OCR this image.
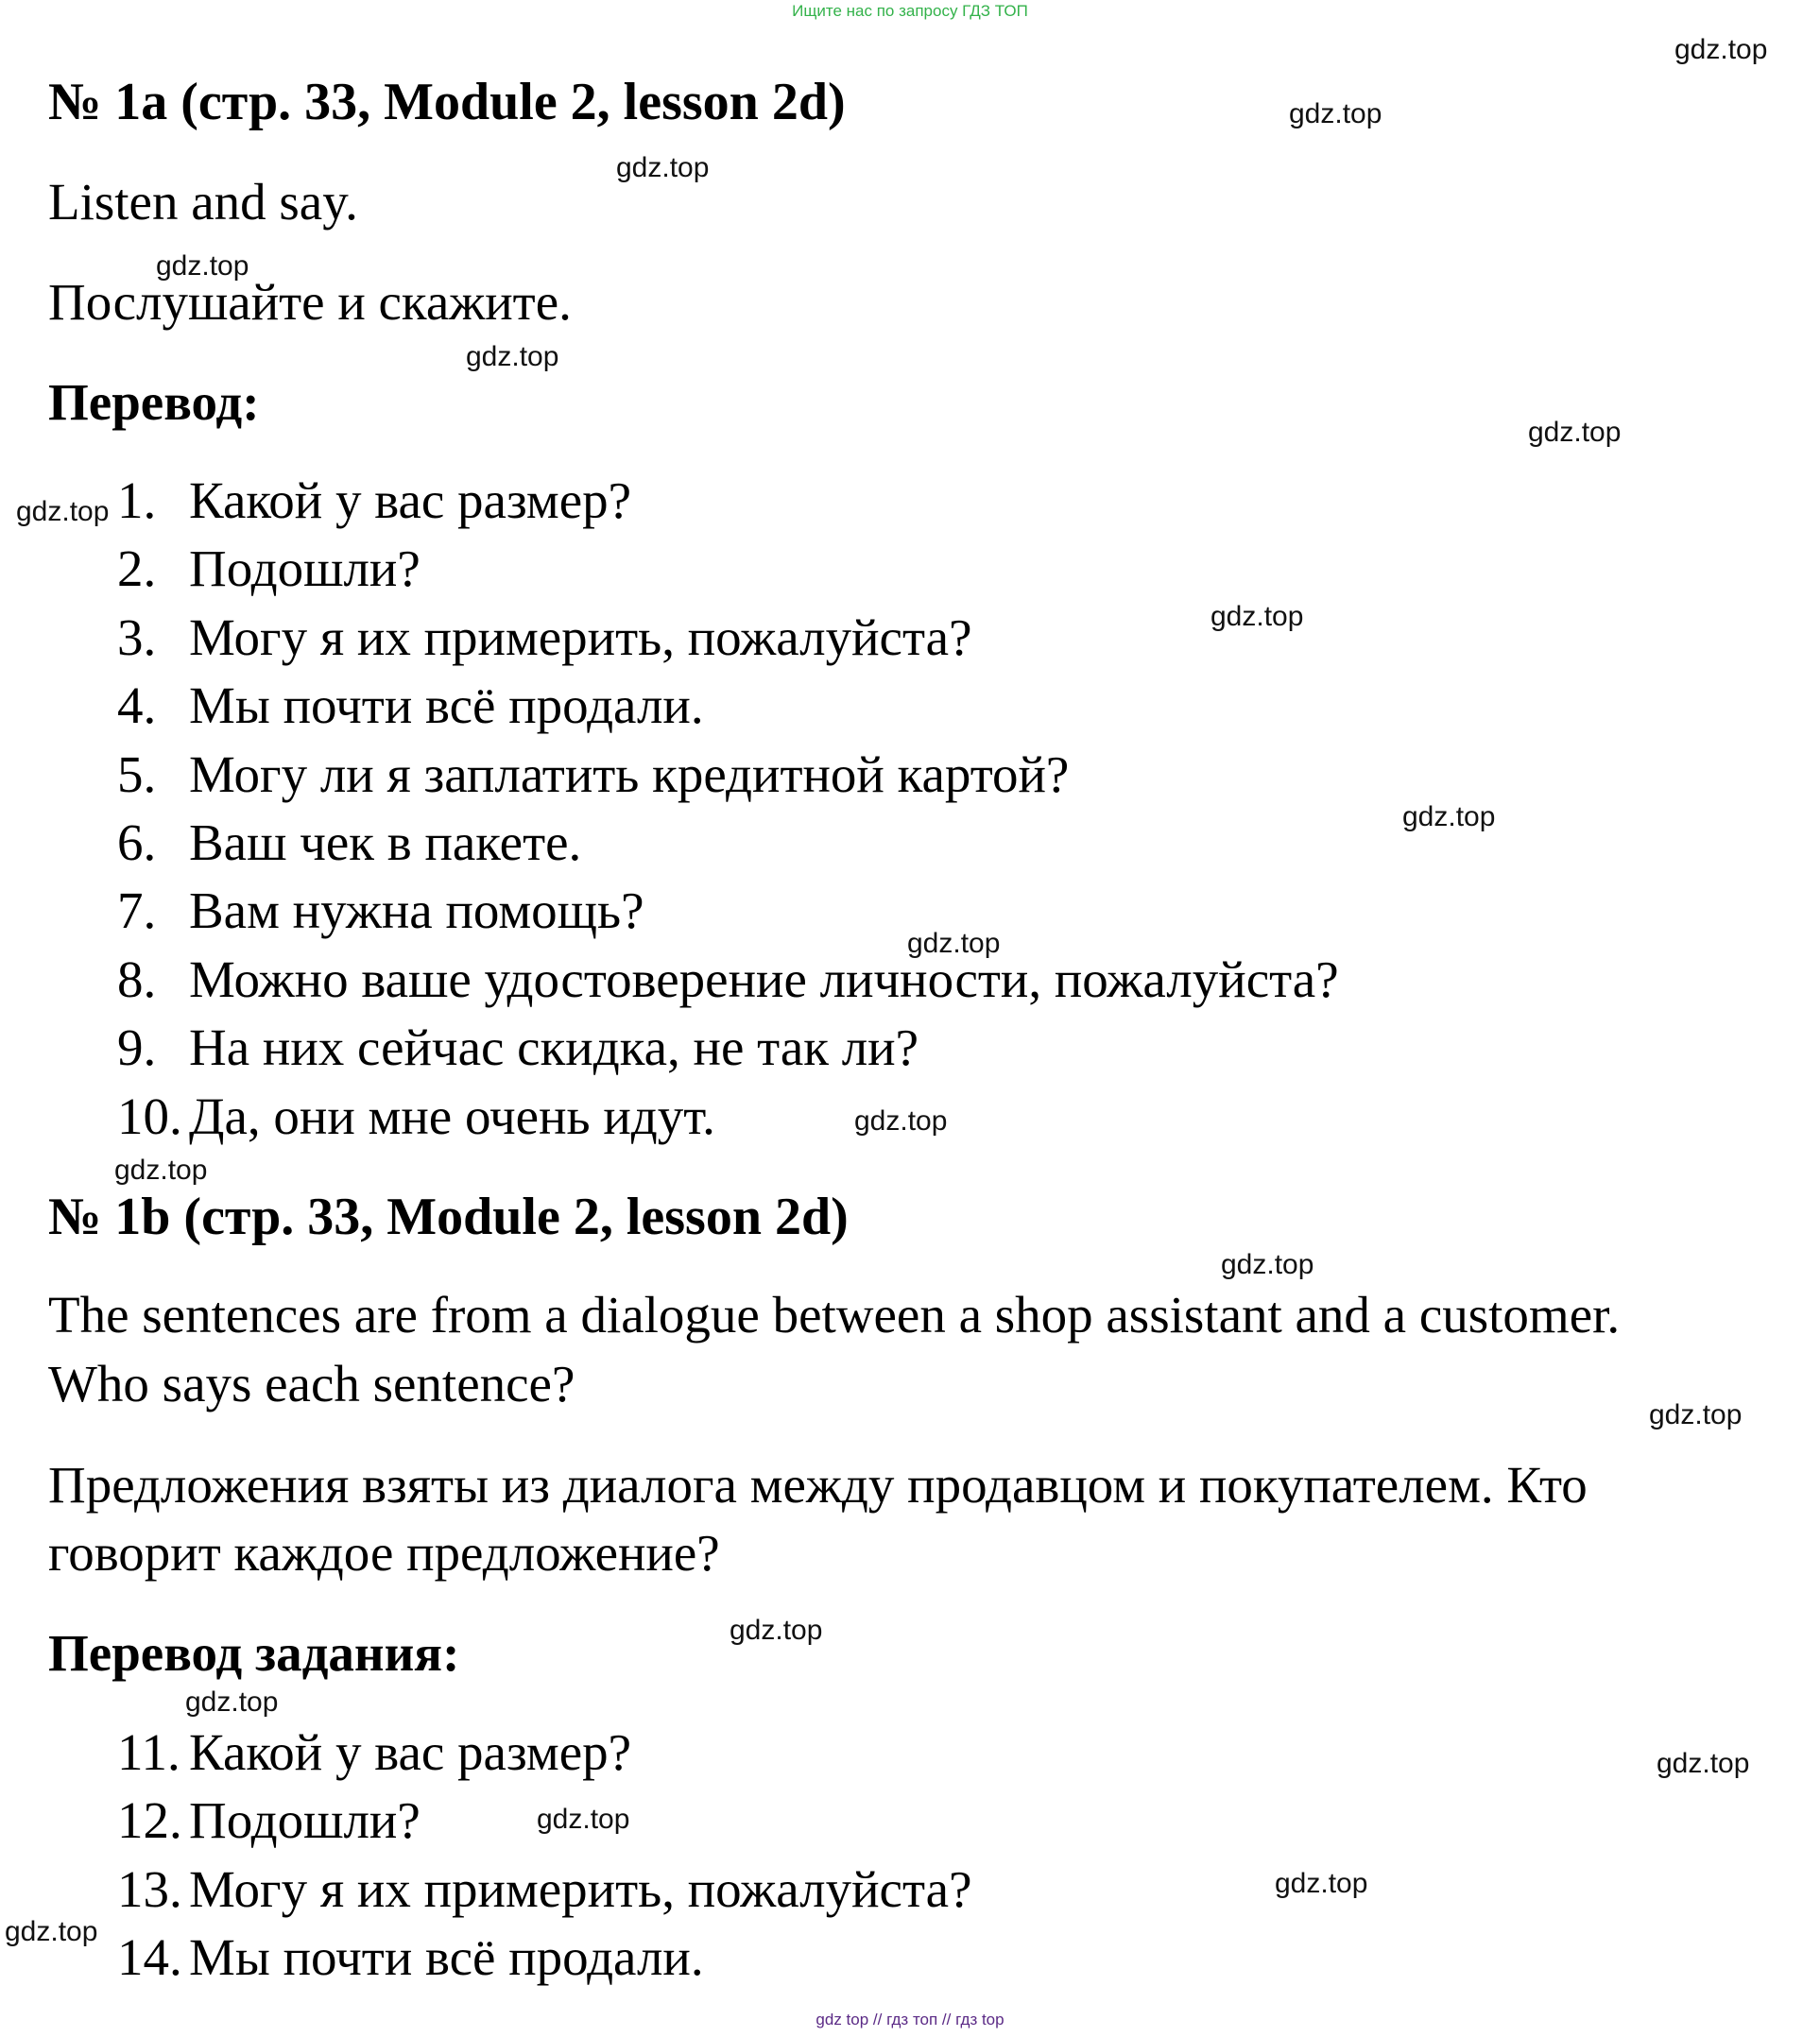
Ищите нас по запросу ГДЗ ТОП
№ 1a (стр. 33, Module 2, lesson 2d)
Listen and say.
Послушайте и скажите.
Перевод:
1. Какой у вас размер?
2. Подошли?
3. Могу я их примерить, пожалуйста?
4. Мы почти всё продали.
5. Могу ли я заплатить кредитной картой?
6. Ваш чек в пакете.
7. Вам нужна помощь?
8. Можно ваше удостоверение личности, пожалуйста?
9. На них сейчас скидка, не так ли?
10. Да, они мне очень идут.
№ 1b (стр. 33, Module 2, lesson 2d)
The sentences are from a dialogue between a shop assistant and a customer.
Who says each sentence?
Предложения взяты из диалога между продавцом и покупателем. Кто
говорит каждое предложение?
Перевод задания:
11. Какой у вас размер?
12. Подошли?
13. Могу я их примерить, пожалуйста?
14. Мы почти всё продали.
gdz.top
gdz.top
gdz.top
gdz.top
gdz.top
gdz.top
gdz.top
gdz.top
gdz.top
gdz.top
gdz.top
gdz.top
gdz.top
gdz.top
gdz.top
gdz.top
gdz.top
gdz.top
gdz.top
gdz.top
gdz top // гдз топ // гдз top
